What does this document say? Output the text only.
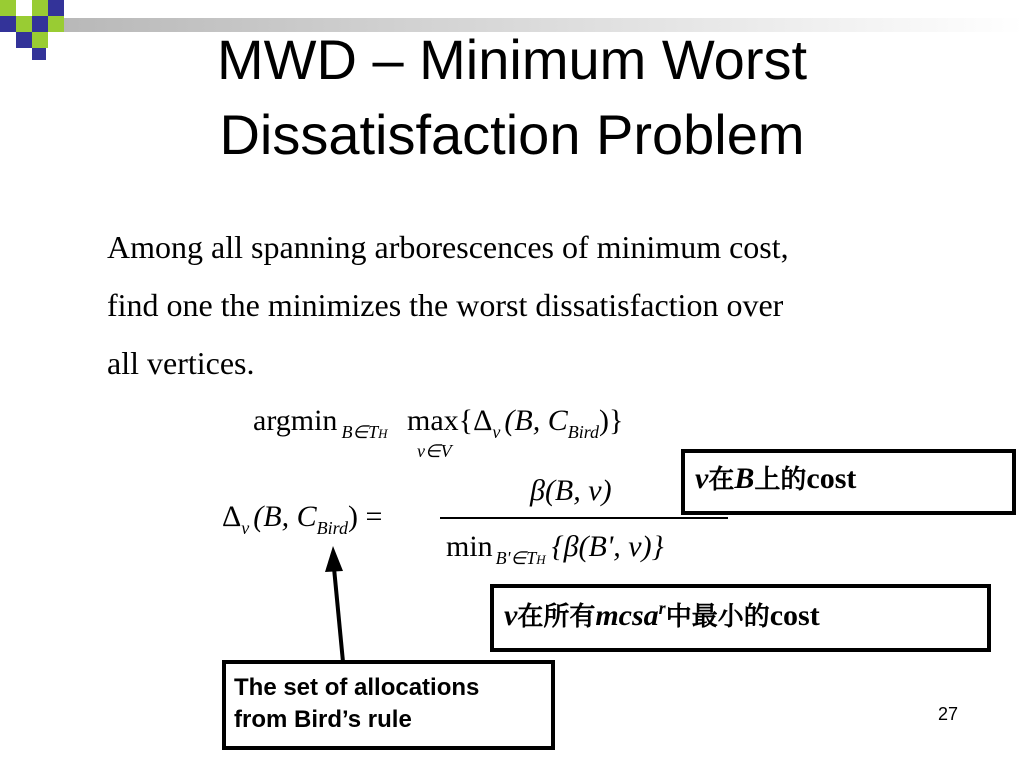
MWD – Minimum Worst
Dissatisfaction Problem
Among all spanning arborescences of minimum cost,
find one the minimizes the worst dissatisfaction over
all vertices.
argmin $_{B\in TH}$ max
v∈V
{$\Delta_v$ (B, $C_{Bird}$)}
$\Delta_v$ (B, $C_{Bird}$) =
β(B, v)
min $_{B'\in TH}$ {β(B', v)}
v在B上的cost
v在所有mcsa$^r$中最小的cost
The set of allocations
from Bird’s rule	27
